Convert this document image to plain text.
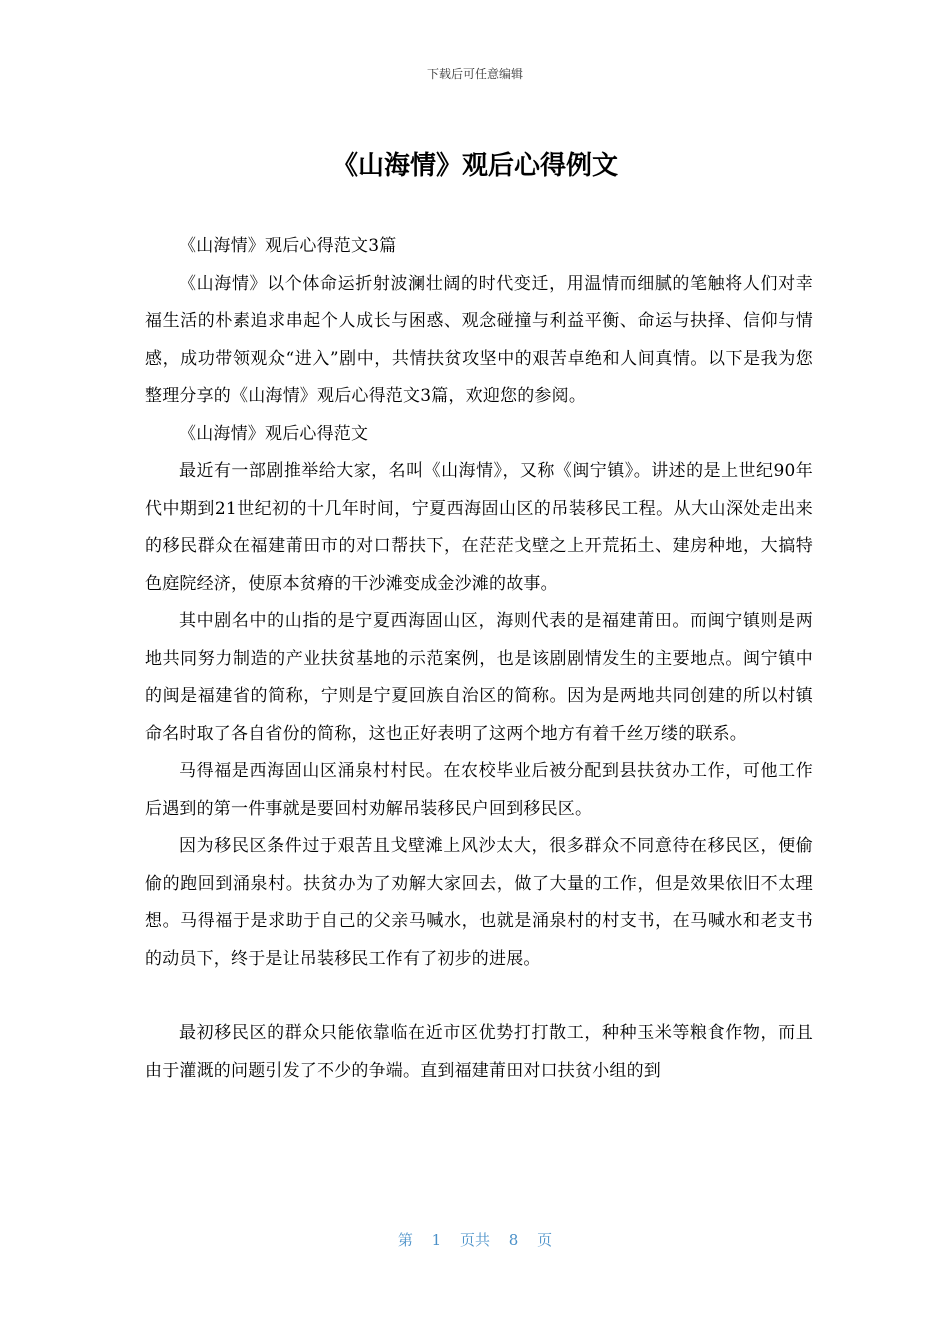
下载后可任意编辑
《山海情》观后心得例文

《山海情》观后心得范文3篇

《山海情》以个体命运折射波澜壮阔的时代变迁，用温情而细腻的笔触将人们对幸福生活的朴素追求串起个人成长与困惑、观念碰撞与利益平衡、命运与抉择、信仰与情感，成功带领观众“进入”剧中，共情扶贫攻坚中的艰苦卓绝和人间真情。以下是我为您整理分享的《山海情》观后心得范文3篇，欢迎您的参阅。

《山海情》观后心得范文

最近有一部剧推举给大家，名叫《山海情》，又称《闽宁镇》。讲述的是上世纪90年代中期到21世纪初的十几年时间，宁夏西海固山区的吊装移民工程。从大山深处走出来的移民群众在福建莆田市的对口帮扶下，在茫茫戈壁之上开荒拓土、建房种地，大搞特色庭院经济，使原本贫瘠的干沙滩变成金沙滩的故事。

其中剧名中的山指的是宁夏西海固山区，海则代表的是福建莆田。而闽宁镇则是两地共同努力制造的产业扶贫基地的示范案例，也是该剧剧情发生的主要地点。闽宁镇中的闽是福建省的简称，宁则是宁夏回族自治区的简称。因为是两地共同创建的所以村镇命名时取了各自省份的简称，这也正好表明了这两个地方有着千丝万缕的联系。

马得福是西海固山区涌泉村村民。在农校毕业后被分配到县扶贫办工作，可他工作后遇到的第一件事就是要回村劝解吊装移民户回到移民区。

因为移民区条件过于艰苦且戈壁滩上风沙太大，很多群众不同意待在移民区，便偷偷的跑回到涌泉村。扶贫办为了劝解大家回去，做了大量的工作，但是效果依旧不太理想。马得福于是求助于自己的父亲马喊水，也就是涌泉村的村支书，在马喊水和老支书的动员下，终于是让吊装移民工作有了初步的进展。

最初移民区的群众只能依靠临在近市区优势打打散工，种种玉米等粮食作物，而且由于灌溉的问题引发了不少的争端。直到福建莆田对口扶贫小组的到

第 1 页共 8 页
